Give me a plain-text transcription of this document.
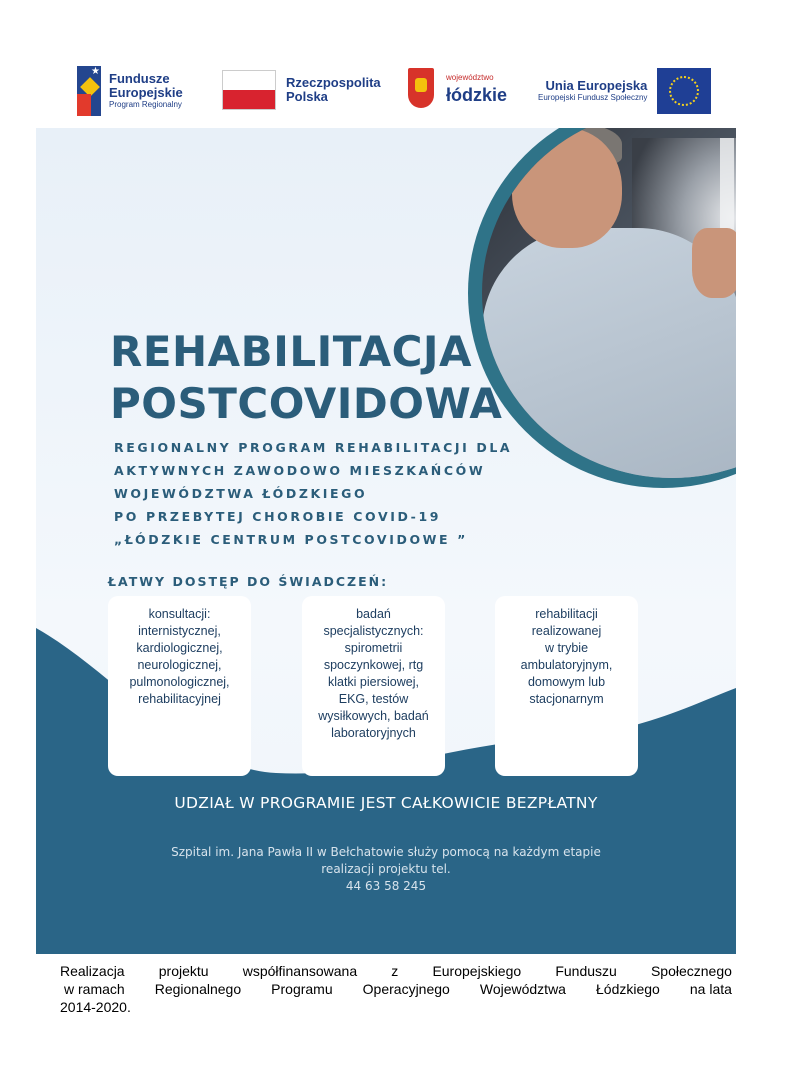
★ Fundusze
Europejskie
Program Regionalny
Rzeczpospolita
Polska
województwo
łódzkie	Unia Europejska
Europejski Fundusz Społeczny
REHABILITACJA
POSTCOVIDOWA
REGIONALNY PROGRAM REHABILITACJI DLA
AKTYWNYCH ZAWODOWO MIESZKAŃCÓW
WOJEWÓDZTWA ŁÓDZKIEGO
PO PRZEBYTEJ CHOROBIE COVID-19
„ŁÓDZKIE CENTRUM POSTCOVIDOWE ”
ŁATWY DOSTĘP DO ŚWIADCZEŃ:
konsultacji:
internistycznej,
kardiologicznej,
neurologicznej,
pulmonologicznej,
rehabilitacyjnej
badań
specjalistycznych:
spirometrii
spoczynkowej, rtg
klatki piersiowej,
EKG, testów
wysiłkowych, badań
laboratoryjnych
rehabilitacji
realizowanej
w trybie
ambulatoryjnym,
domowym lub
stacjonarnym
UDZIAŁ W PROGRAMIE JEST CAŁKOWICIE BEZPŁATNY
Szpital im. Jana Pawła II w Bełchatowie służy pomocą na każdym etapie
realizacji projektu tel.
44 63 58 245
Realizacja projektu współfinansowana z Europejskiego Funduszu Społecznego
w ramach Regionalnego Programu Operacyjnego Województwa Łódzkiego na lata
2014-2020.
